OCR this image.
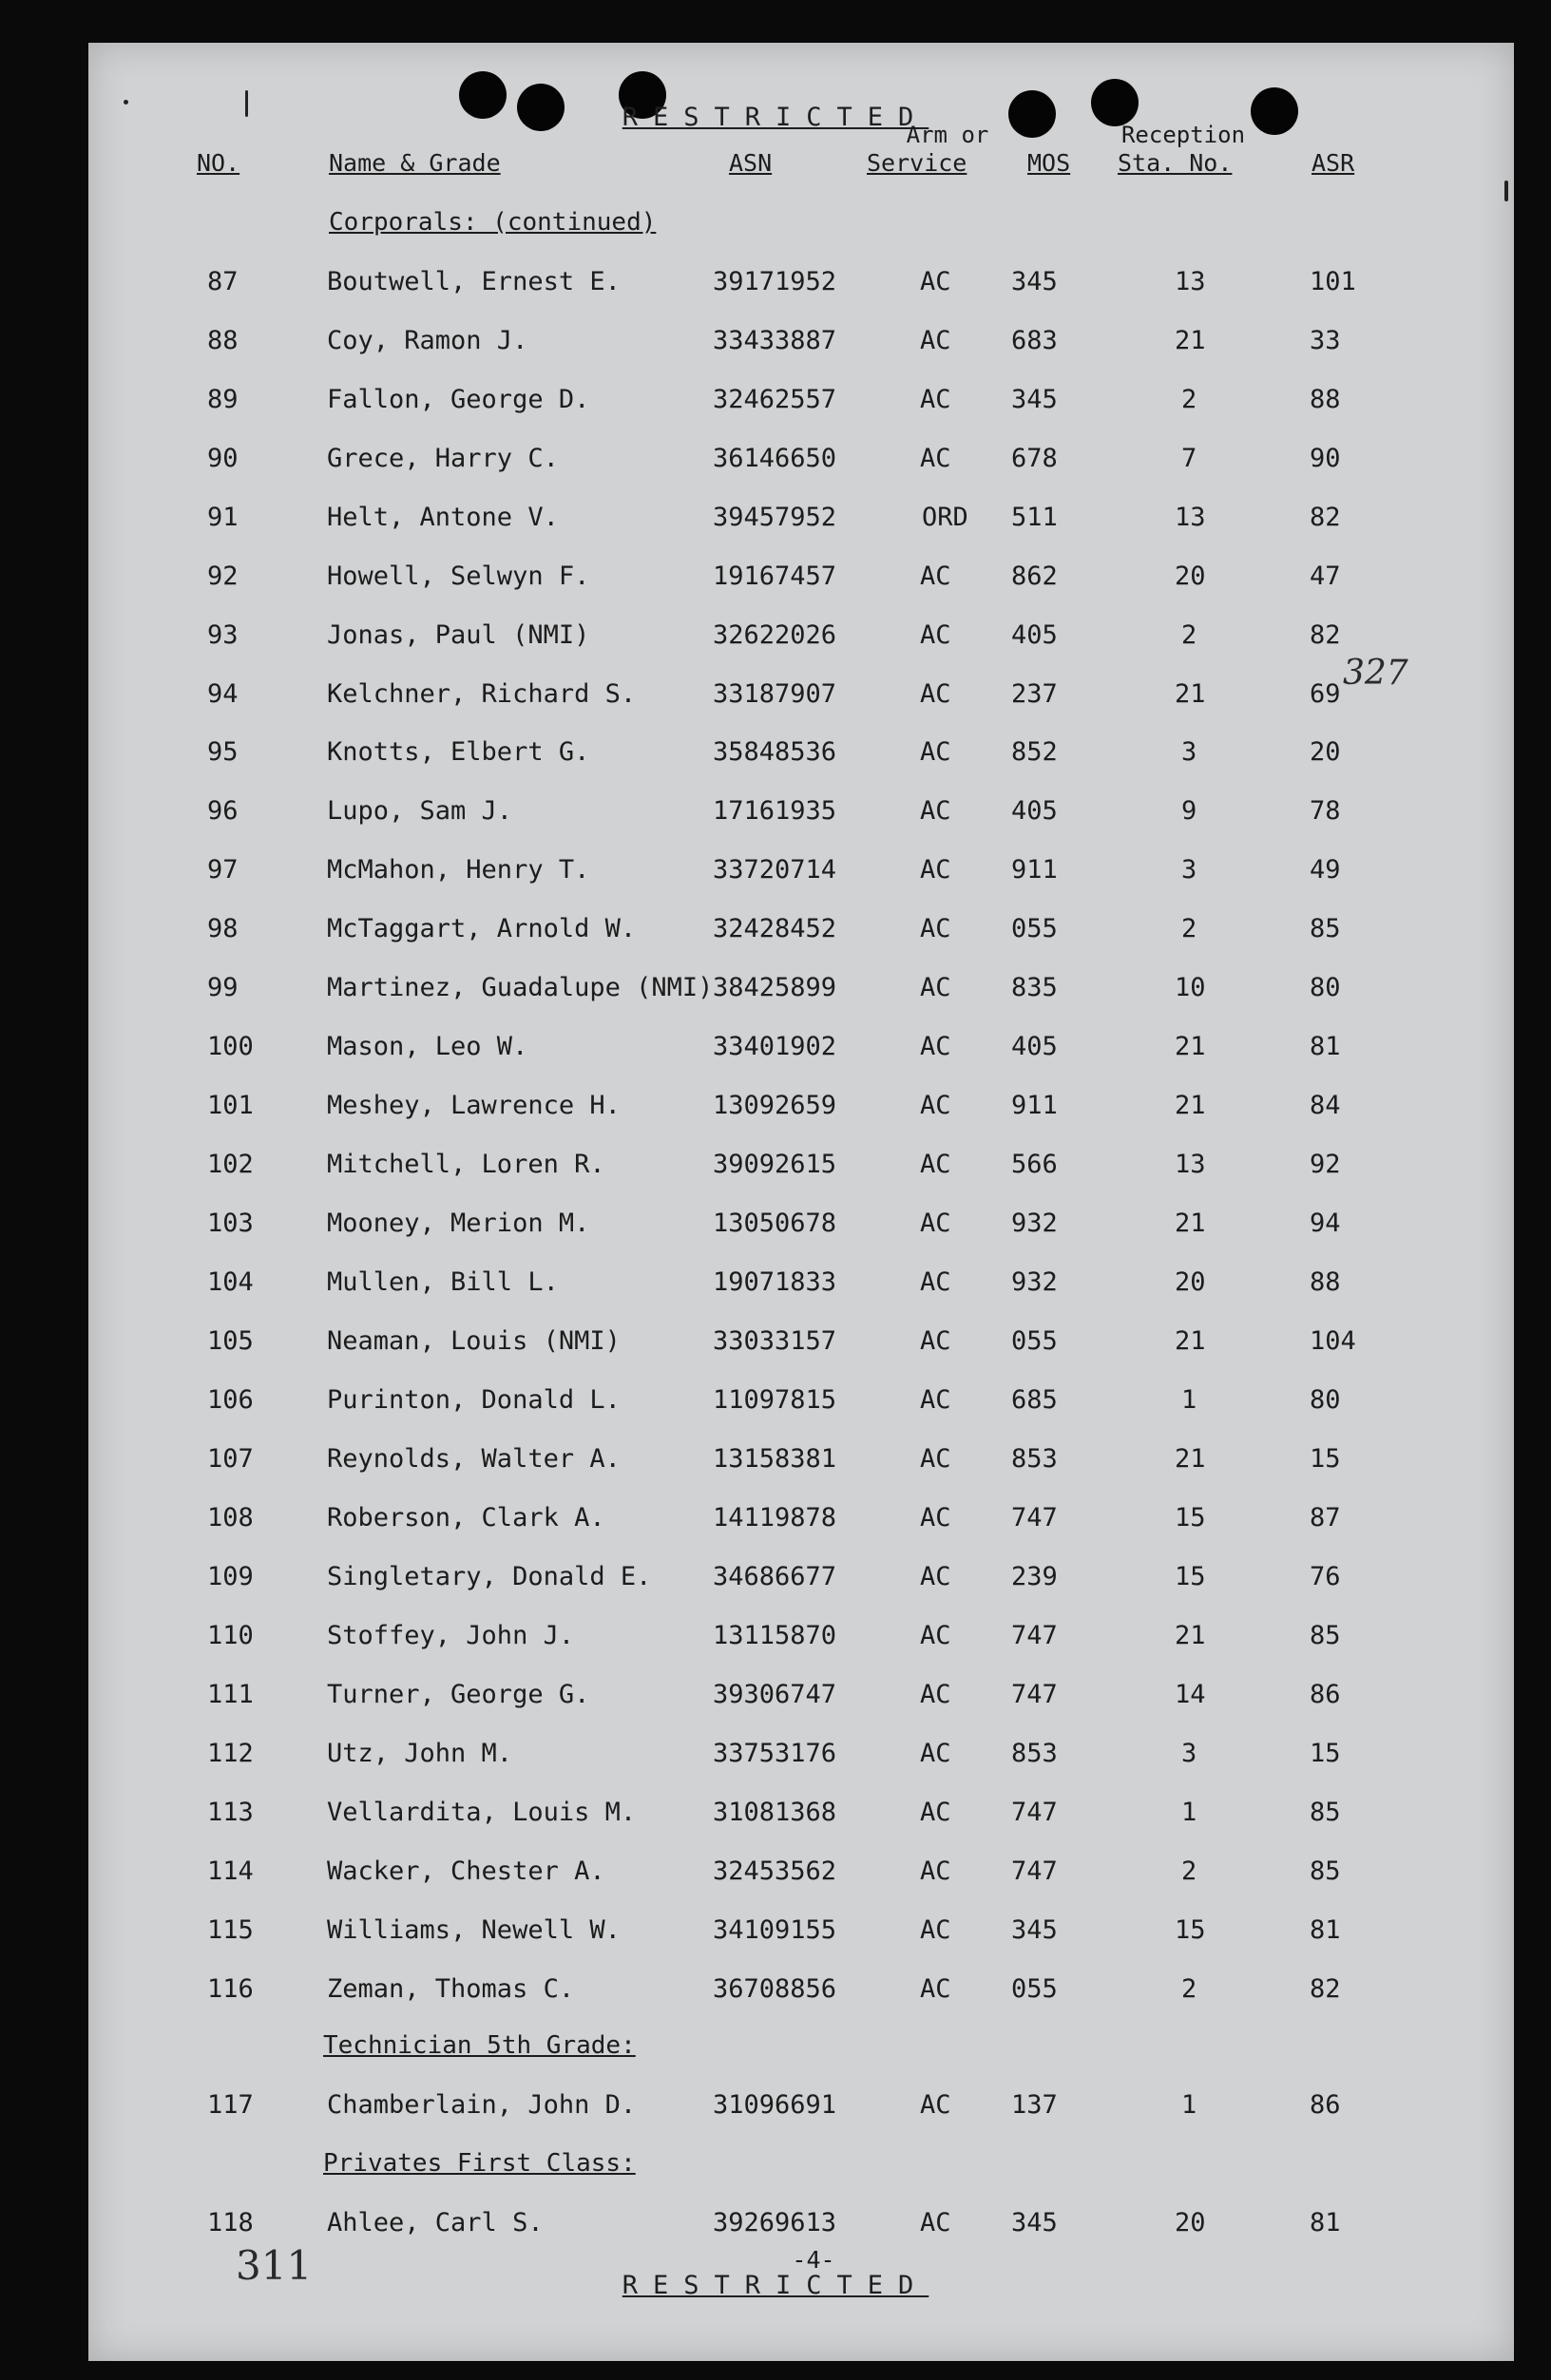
RESTRICTED
NO.	Name & Grade	ASN
Arm or
Service	MOS
Reception
Sta. No.	ASR
Corporals: (continued)
Technician 5th Grade:
Privates First Class:
87	Boutwell, Ernest E.	39171952	AC 345	13	101
88	Coy, Ramon J.	33433887	AC 683	21	33
89	Fallon, George D.	32462557	AC 345	2	88
90	Grece, Harry C.	36146650	AC 678	7	90
91	Helt, Antone V.	39457952	ORD 511	13	82
92	Howell, Selwyn F.	19167457	AC 862	20	47
93	Jonas, Paul (NMI)	32622026	AC 405	2	82
94	Kelchner, Richard S.	33187907	AC 237	21	69
95	Knotts, Elbert G.	35848536	AC 852	3	20
96	Lupo, Sam J.	17161935	AC 405	9	78
97	McMahon, Henry T.	33720714	AC 911	3	49
98	McTaggart, Arnold W.	32428452	AC 055	2	85
99	Martinez, Guadalupe (NMI) 38425899	AC 835	10	80
100	Mason, Leo W.	33401902	AC 405	21	81
101	Meshey, Lawrence H.	13092659	AC 911	21	84
102	Mitchell, Loren R.	39092615	AC 566	13	92
103	Mooney, Merion M.	13050678	AC 932	21	94
104	Mullen, Bill L.	19071833	AC 932	20	88
105	Neaman, Louis (NMI)	33033157	AC 055	21	104
106	Purinton, Donald L.	11097815	AC 685	1	80
107	Reynolds, Walter A.	13158381	AC 853	21	15
108	Roberson, Clark A.	14119878	AC 747	15	87
109	Singletary, Donald E. 34686677	AC 239	15	76
110	Stoffey, John J.	13115870	AC 747	21	85
111	Turner, George G.	39306747	AC 747	14	86
112	Utz, John M.	33753176	AC 853	3	15
113	Vellardita, Louis M.	31081368	AC 747	1	85
114	Wacker, Chester A.	32453562	AC 747	2	85
115	Williams, Newell W.	34109155	AC 345	15	81
116	Zeman, Thomas C.	36708856	AC 055	2	82
117	Chamberlain, John D.	31096691	AC 137	1	86
118	Ahlee, Carl S.	39269613	AC 345	20	81
-4-
RESTRICTED
327
311
